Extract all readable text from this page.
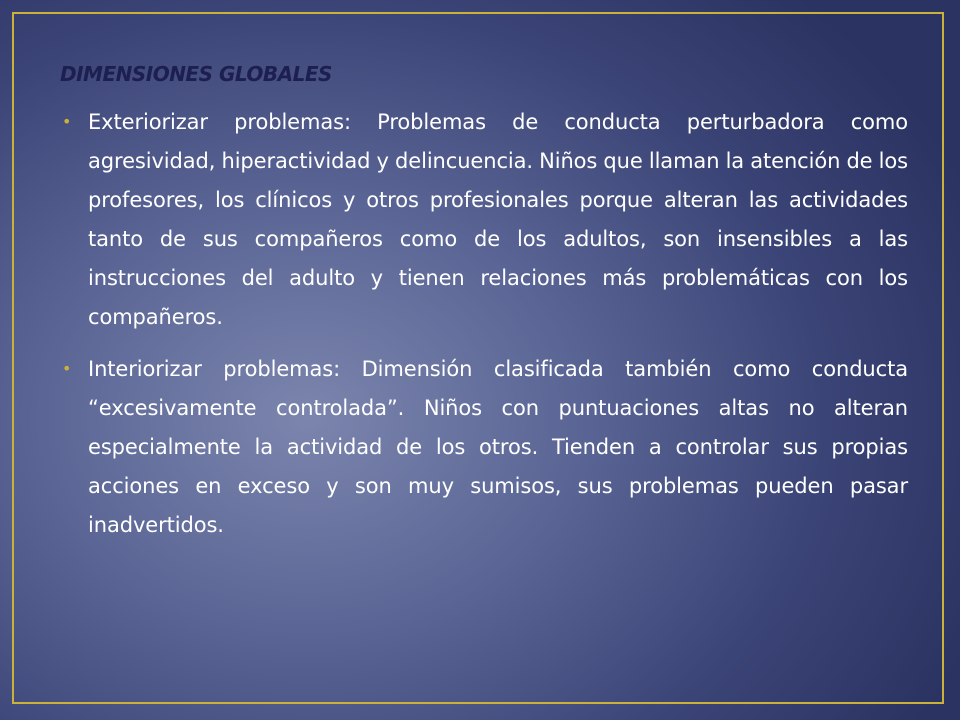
DIMENSIONES GLOBALES
• Exteriorizar problemas: Problemas de conducta perturbadora como agresividad, hiperactividad y delincuencia. Niños que llaman la atención de los profesores, los clínicos y otros profesionales porque alteran las actividades tanto de sus compañeros como de los adultos, son insensibles a las instrucciones del adulto y tienen relaciones más problemáticas con los compañeros.
• Interiorizar problemas: Dimensión clasificada también como conducta “excesivamente controlada”. Niños con puntuaciones altas no alteran especialmente la actividad de los otros. Tienden a controlar sus propias acciones en exceso y son muy sumisos, sus problemas pueden pasar inadvertidos.
